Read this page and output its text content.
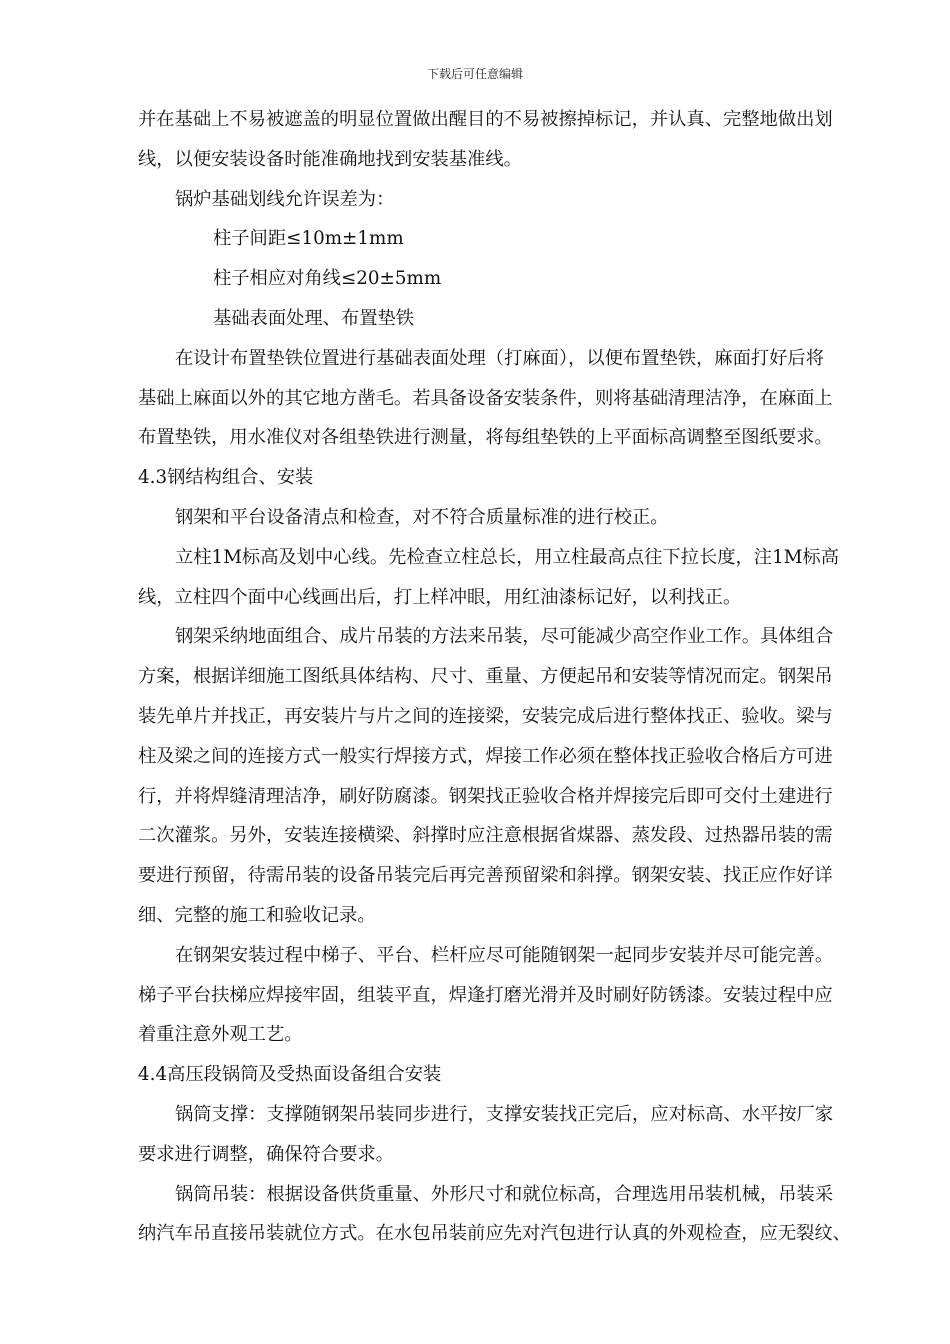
下载后可任意编辑
并在基础上不易被遮盖的明显位置做出醒目的不易被擦掉标记，并认真、完整地做出划
线，以便安装设备时能准确地找到安装基准线。
锅炉基础划线允许误差为：
柱子间距≤10m±1mm
柱子相应对角线≤20±5mm
基础表面处理、布置垫铁
在设计布置垫铁位置进行基础表面处理（打麻面），以便布置垫铁，麻面打好后将
基础上麻面以外的其它地方凿毛。若具备设备安装条件，则将基础清理洁净，在麻面上
布置垫铁，用水准仪对各组垫铁进行测量，将每组垫铁的上平面标高调整至图纸要求。
4.3钢结构组合、安装
钢架和平台设备清点和检查，对不符合质量标准的进行校正。
立柱1M标高及划中心线。先检查立柱总长，用立柱最高点往下拉长度，注1M标高
线，立柱四个面中心线画出后，打上样冲眼，用红油漆标记好，以利找正。
钢架采纳地面组合、成片吊装的方法来吊装，尽可能减少高空作业工作。具体组合
方案，根据详细施工图纸具体结构、尺寸、重量、方便起吊和安装等情况而定。钢架吊
装先单片并找正，再安装片与片之间的连接梁，安装完成后进行整体找正、验收。梁与
柱及梁之间的连接方式一般实行焊接方式，焊接工作必须在整体找正验收合格后方可进
行，并将焊缝清理洁净，刷好防腐漆。钢架找正验收合格并焊接完后即可交付土建进行
二次灌浆。另外，安装连接横梁、斜撑时应注意根据省煤器、蒸发段、过热器吊装的需
要进行预留，待需吊装的设备吊装完后再完善预留梁和斜撑。钢架安装、找正应作好详
细、完整的施工和验收记录。
在钢架安装过程中梯子、平台、栏杆应尽可能随钢架一起同步安装并尽可能完善。
梯子平台扶梯应焊接牢固，组装平直，焊逢打磨光滑并及时刷好防锈漆。安装过程中应
着重注意外观工艺。
4.4高压段锅筒及受热面设备组合安装
锅筒支撑：支撑随钢架吊装同步进行，支撑安装找正完后，应对标高、水平按厂家
要求进行调整，确保符合要求。
锅筒吊装：根据设备供货重量、外形尺寸和就位标高，合理选用吊装机械，吊装采
纳汽车吊直接吊装就位方式。在水包吊装前应先对汽包进行认真的外观检查，应无裂纹、
